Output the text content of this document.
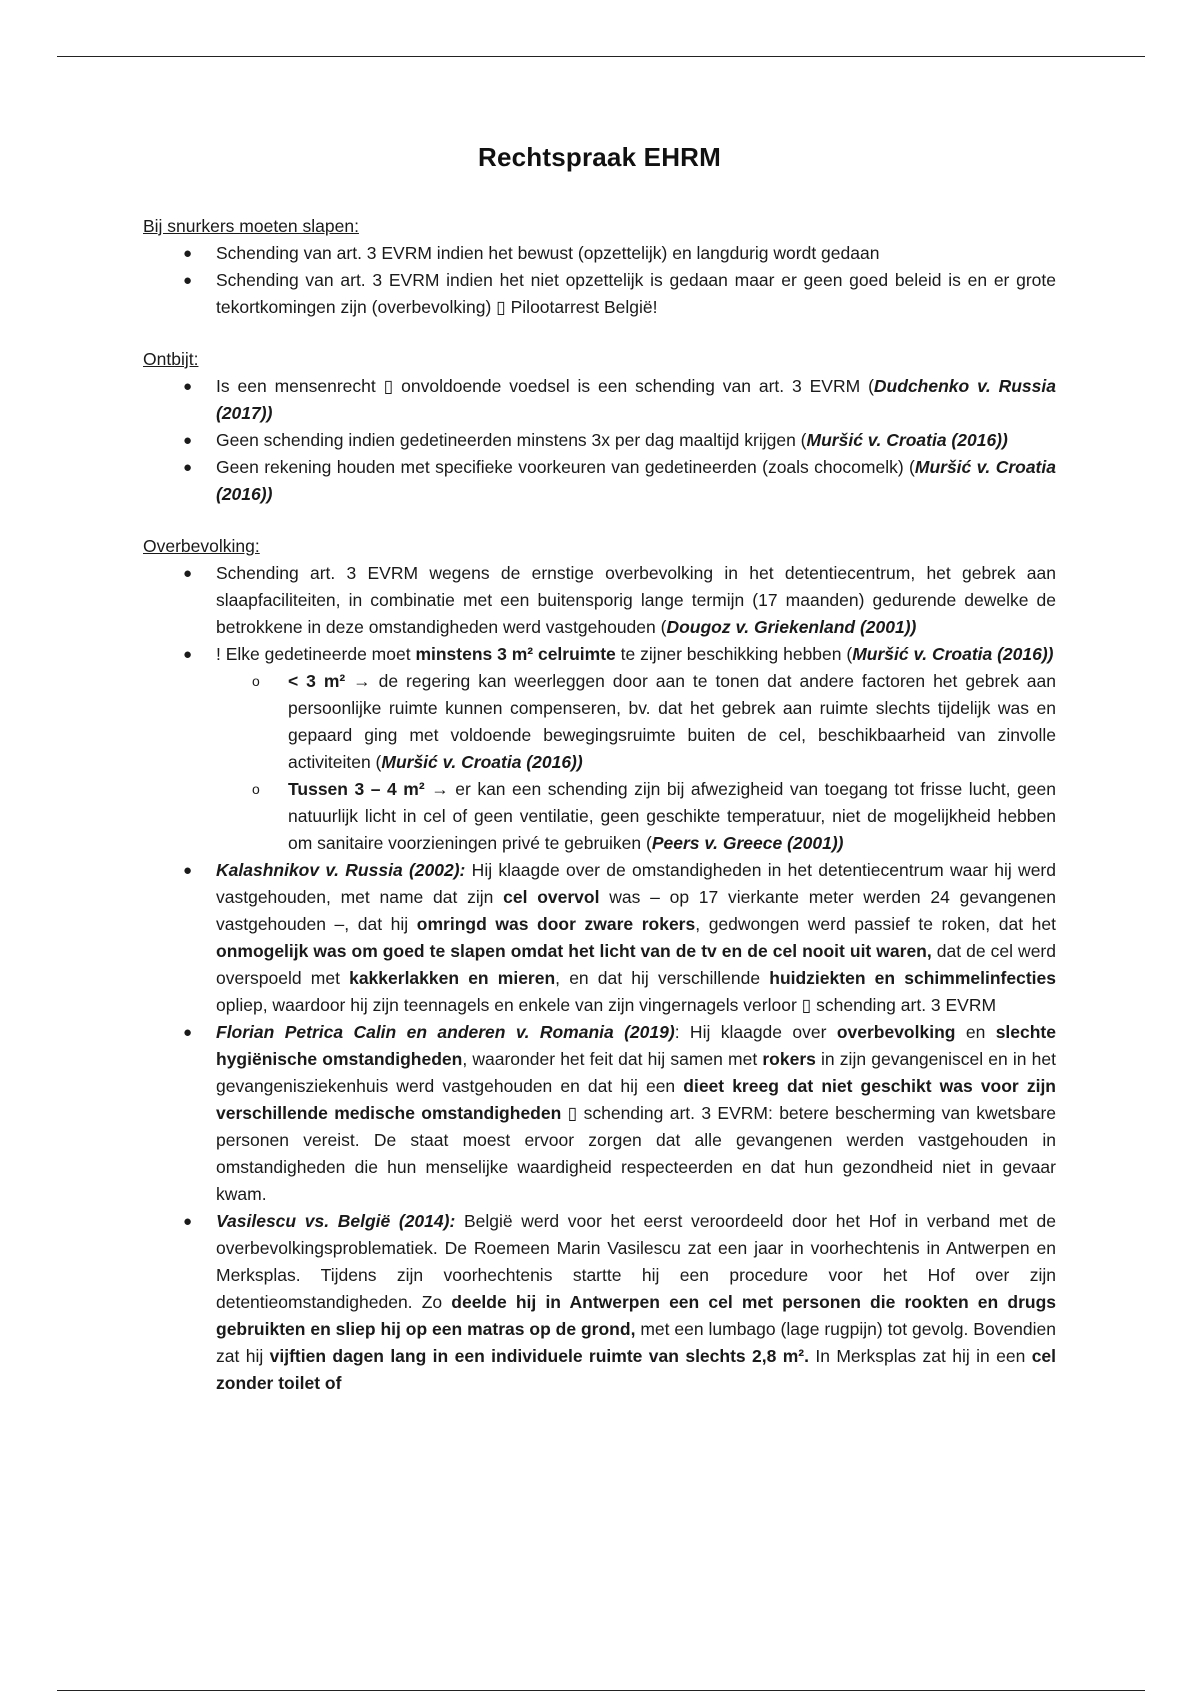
Rechtspraak EHRM

Bij snurkers moeten slapen:

● Schending van art. 3 EVRM indien het bewust (opzettelijk) en langdurig wordt gedaan
● Schending van art. 3 EVRM indien het niet opzettelijk is gedaan maar er geen goed beleid is en er grote tekortkomingen zijn (overbevolking) ▯ Pilootarrest België!

Ontbijt:

● Is een mensenrecht ▯ onvoldoende voedsel is een schending van art. 3 EVRM (Dudchenko v. Russia (2017))
● Geen schending indien gedetineerden minstens 3x per dag maaltijd krijgen (Muršić v. Croatia (2016))
● Geen rekening houden met specifieke voorkeuren van gedetineerden (zoals chocomelk) (Muršić v. Croatia (2016))

Overbevolking:

● Schending art. 3 EVRM wegens de ernstige overbevolking in het detentiecentrum, het gebrek aan slaapfaciliteiten, in combinatie met een buitensporig lange termijn (17 maanden) gedurende dewelke de betrokkene in deze omstandigheden werd vastgehouden (Dougoz v. Griekenland (2001))
● ! Elke gedetineerde moet minstens 3 m² celruimte te zijner beschikking hebben (Muršić v. Croatia (2016))
o < 3 m² → de regering kan weerleggen door aan te tonen dat andere factoren het gebrek aan persoonlijke ruimte kunnen compenseren, bv. dat het gebrek aan ruimte slechts tijdelijk was en gepaard ging met voldoende bewegingsruimte buiten de cel, beschikbaarheid van zinvolle activiteiten (Muršić v. Croatia (2016))
o Tussen 3 – 4 m² → er kan een schending zijn bij afwezigheid van toegang tot frisse lucht, geen natuurlijk licht in cel of geen ventilatie, geen geschikte temperatuur, niet de mogelijkheid hebben om sanitaire voorzieningen privé te gebruiken (Peers v. Greece (2001))
● Kalashnikov v. Russia (2002): Hij klaagde over de omstandigheden in het detentiecentrum waar hij werd vastgehouden, met name dat zijn cel overvol was – op 17 vierkante meter werden 24 gevangenen vastgehouden –, dat hij omringd was door zware rokers, gedwongen werd passief te roken, dat het onmogelijk was om goed te slapen omdat het licht van de tv en de cel nooit uit waren, dat de cel werd overspoeld met kakkerlakken en mieren, en dat hij verschillende huidziekten en schimmelinfecties opliep, waardoor hij zijn teennagels en enkele van zijn vingernagels verloor ▯ schending art. 3 EVRM
● Florian Petrica Calin en anderen v. Romania (2019): Hij klaagde over overbevolking en slechte hygiënische omstandigheden, waaronder het feit dat hij samen met rokers in zijn gevangeniscel en in het gevangenisziekenhuis werd vastgehouden en dat hij een dieet kreeg dat niet geschikt was voor zijn verschillende medische omstandigheden ▯ schending art. 3 EVRM: betere bescherming van kwetsbare personen vereist. De staat moest ervoor zorgen dat alle gevangenen werden vastgehouden in omstandigheden die hun menselijke waardigheid respecteerden en dat hun gezondheid niet in gevaar kwam.
● Vasilescu vs. België (2014): België werd voor het eerst veroordeeld door het Hof in verband met de overbevolkingsproblematiek. De Roemeen Marin Vasilescu zat een jaar in voorhechtenis in Antwerpen en Merksplas. Tijdens zijn voorhechtenis startte hij een procedure voor het Hof over zijn detentieomstandigheden. Zo deelde hij in Antwerpen een cel met personen die rookten en drugs gebruikten en sliep hij op een matras op de grond, met een lumbago (lage rugpijn) tot gevolg. Bovendien zat hij vijftien dagen lang in een individuele ruimte van slechts 2,8 m². In Merksplas zat hij in een cel zonder toilet of
